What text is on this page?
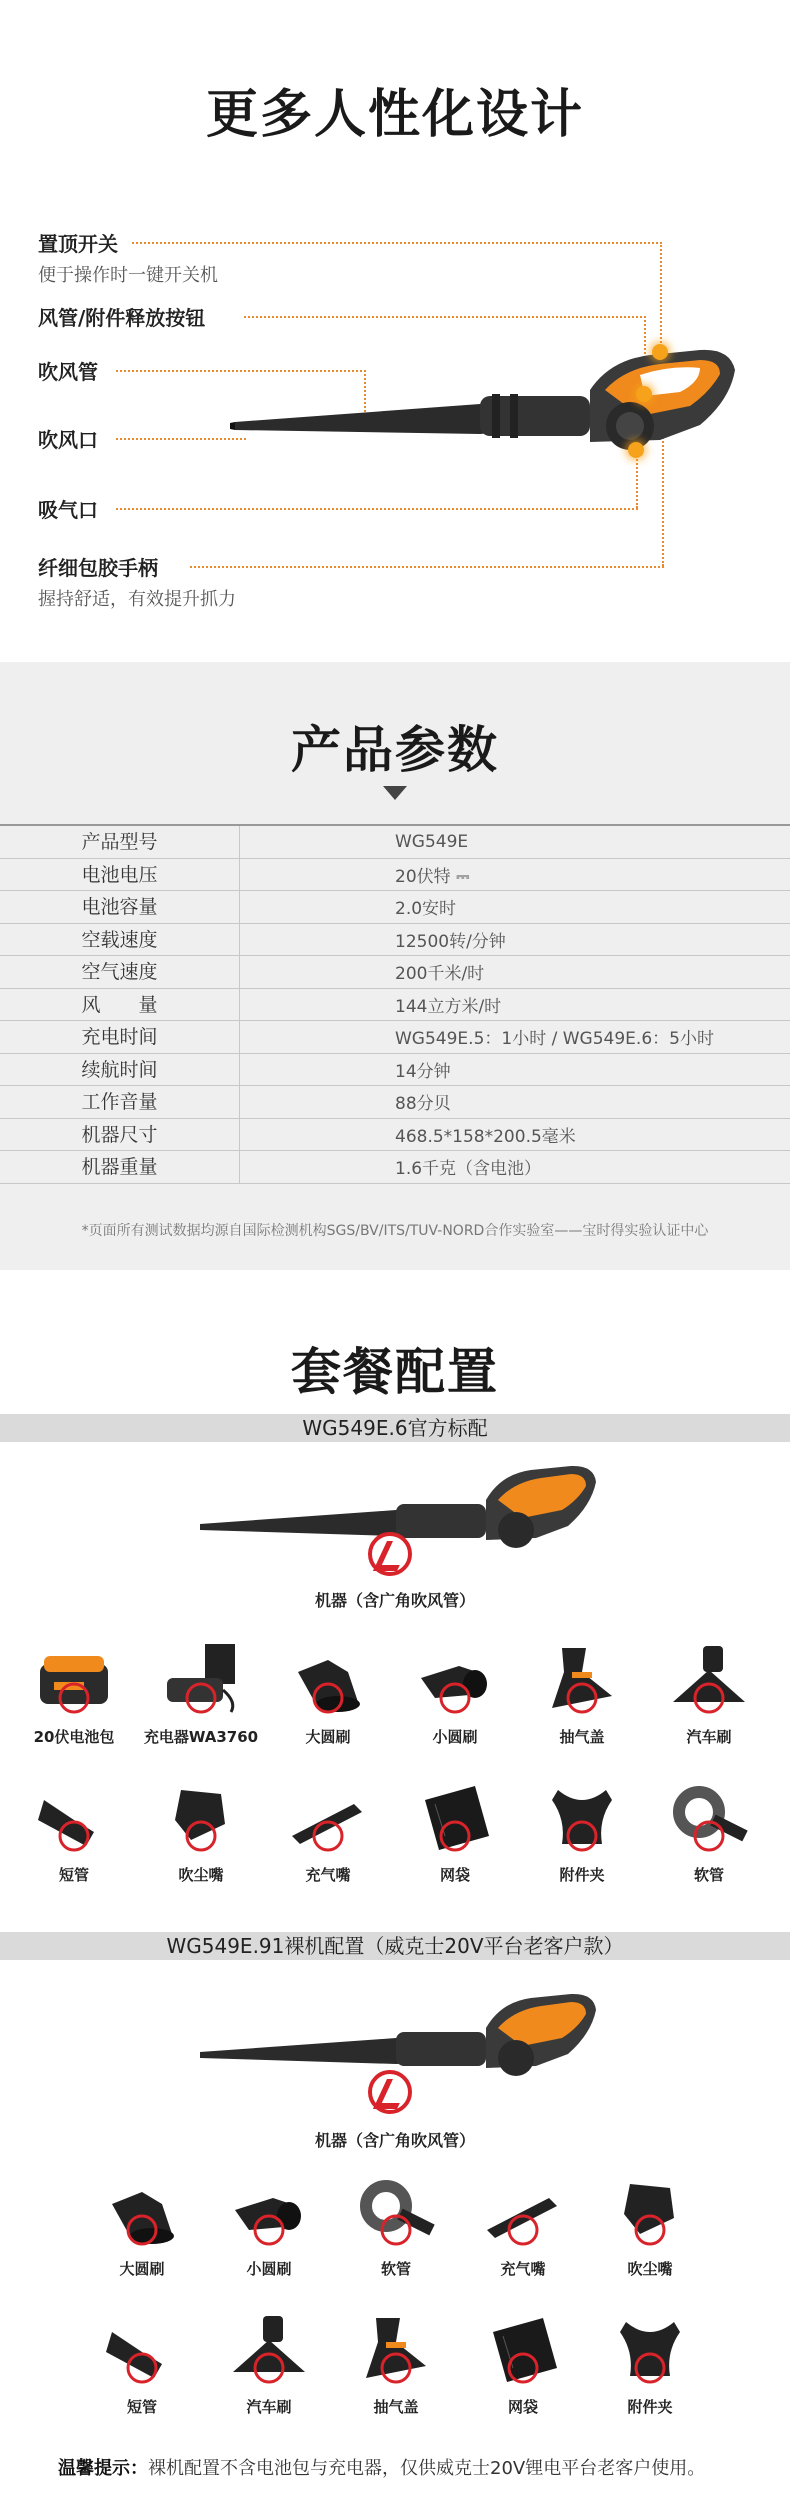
更多人性化设计
置顶开关
便于操作时一键开关机
风管/附件释放按钮
吹风管
吹风口
吸气口
纤细包胶手柄
握持舒适，有效提升抓力
产品参数
产品型号	WG549E
电池电压	20伏特 ⎓
电池容量	2.0安时
空载速度	12500转/分钟
空气速度	200千米/时
风　　量	144立方米/时
充电时间	WG549E.5：1小时 / WG549E.6：5小时
续航时间	14分钟
工作音量	88分贝
机器尺寸	468.5*158*200.5毫米
机器重量	1.6千克（含电池）
*页面所有测试数据均源自国际检测机构SGS/BV/ITS/TUV-NORD合作实验室——宝时得实验认证中心
套餐配置
WG549E.6官方标配
机器（含广角吹风管）
20伏电池包	充电器WA3760	大圆刷	小圆刷	抽气盖	汽车刷
短管	吹尘嘴	充气嘴	网袋	附件夹	软管
WG549E.91裸机配置（威克士20V平台老客户款）
机器（含广角吹风管）
大圆刷	小圆刷	软管	充气嘴	吹尘嘴
短管	汽车刷	抽气盖	网袋	附件夹
温馨提示：裸机配置不含电池包与充电器，仅供威克士20V锂电平台老客户使用。
